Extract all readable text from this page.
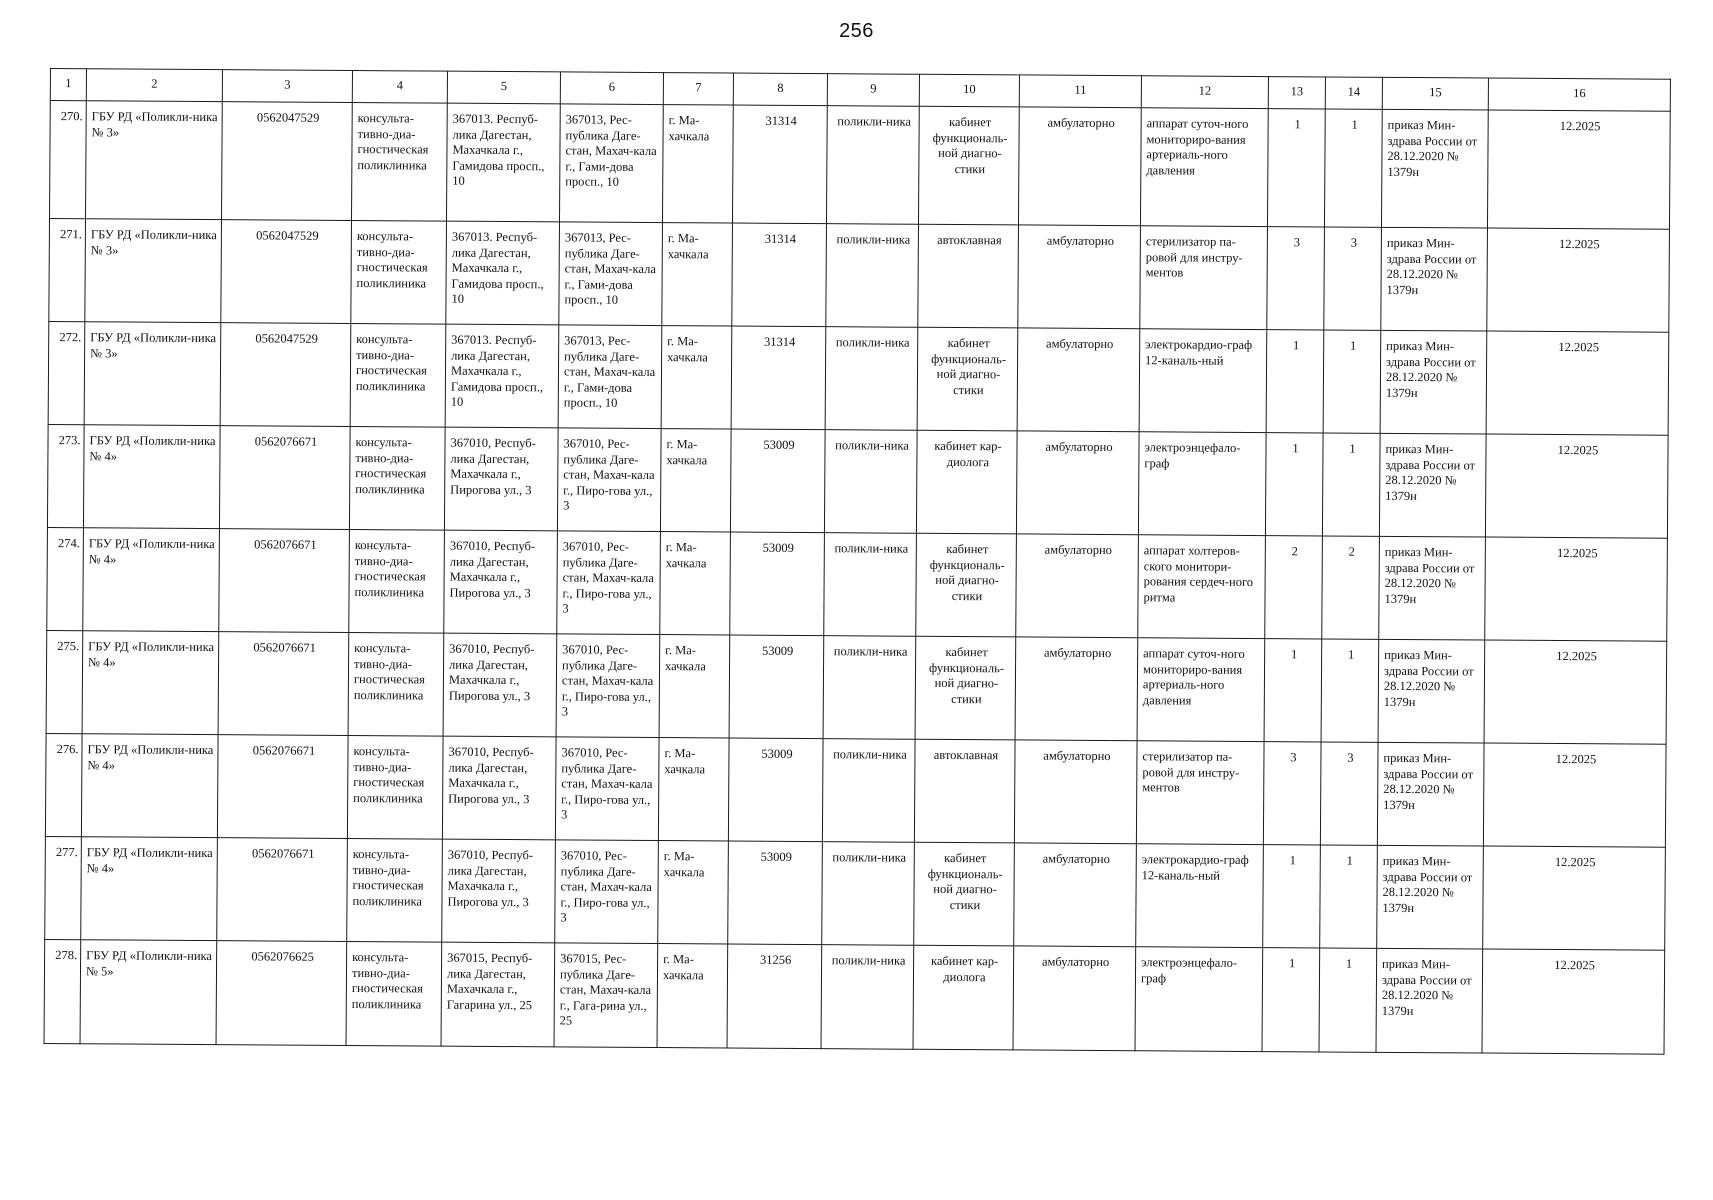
256
1	2	3	4	5	6	7	8	9	10	11	12	13	14	15	16
270.	ГБУ РД «Поликли-ника № 3»	0562047529	консульта-тивно-диа-гностическая поликлиника	367013. Респуб-лика Дагестан, Махачкала г., Гамидова просп., 10	367013, Рес-публика Даге-стан, Махач-кала г., Гами-дова просп., 10	г. Ма-хачкала	31314	поликли-ника	кабинет функциональ-ной диагно-стики	амбулаторно	аппарат суточ-ного мониториро-вания артериаль-ного давления	1	1	приказ Мин-здрава России от 28.12.2020 № 1379н	12.2025
271.	ГБУ РД «Поликли-ника № 3»	0562047529	консульта-тивно-диа-гностическая поликлиника	367013. Респуб-лика Дагестан, Махачкала г., Гамидова просп., 10	367013, Рес-публика Даге-стан, Махач-кала г., Гами-дова просп., 10	г. Ма-хачкала	31314	поликли-ника	автоклавная	амбулаторно	стерилизатор па-ровой для инстру-ментов	3	3	приказ Мин-здрава России от 28.12.2020 № 1379н	12.2025
272.	ГБУ РД «Поликли-ника № 3»	0562047529	консульта-тивно-диа-гностическая поликлиника	367013. Респуб-лика Дагестан, Махачкала г., Гамидова просп., 10	367013, Рес-публика Даге-стан, Махач-кала г., Гами-дова просп., 10	г. Ма-хачкала	31314	поликли-ника	кабинет функциональ-ной диагно-стики	амбулаторно	электрокардио-граф 12-каналь-ный	1	1	приказ Мин-здрава России от 28.12.2020 № 1379н	12.2025
273.	ГБУ РД «Поликли-ника № 4»	0562076671	консульта-тивно-диа-гностическая поликлиника	367010, Респуб-лика Дагестан, Махачкала г., Пирогова ул., 3	367010, Рес-публика Даге-стан, Махач-кала г., Пиро-гова ул., 3	г. Ма-хачкала	53009	поликли-ника	кабинет кар-диолога	амбулаторно	электроэнцефало-граф	1	1	приказ Мин-здрава России от 28.12.2020 № 1379н	12.2025
274.	ГБУ РД «Поликли-ника № 4»	0562076671	консульта-тивно-диа-гностическая поликлиника	367010, Респуб-лика Дагестан, Махачкала г., Пирогова ул., 3	367010, Рес-публика Даге-стан, Махач-кала г., Пиро-гова ул., 3	г. Ма-хачкала	53009	поликли-ника	кабинет функциональ-ной диагно-стики	амбулаторно	аппарат холтеров-ского монитори-рования сердеч-ного ритма	2	2	приказ Мин-здрава России от 28.12.2020 № 1379н	12.2025
275.	ГБУ РД «Поликли-ника № 4»	0562076671	консульта-тивно-диа-гностическая поликлиника	367010, Респуб-лика Дагестан, Махачкала г., Пирогова ул., 3	367010, Рес-публика Даге-стан, Махач-кала г., Пиро-гова ул., 3	г. Ма-хачкала	53009	поликли-ника	кабинет функциональ-ной диагно-стики	амбулаторно	аппарат суточ-ного мониториро-вания артериаль-ного давления	1	1	приказ Мин-здрава России от 28.12.2020 № 1379н	12.2025
276.	ГБУ РД «Поликли-ника № 4»	0562076671	консульта-тивно-диа-гностическая поликлиника	367010, Респуб-лика Дагестан, Махачкала г., Пирогова ул., 3	367010, Рес-публика Даге-стан, Махач-кала г., Пиро-гова ул., 3	г. Ма-хачкала	53009	поликли-ника	автоклавная	амбулаторно	стерилизатор па-ровой для инстру-ментов	3	3	приказ Мин-здрава России от 28.12.2020 № 1379н	12.2025
277.	ГБУ РД «Поликли-ника № 4»	0562076671	консульта-тивно-диа-гностическая поликлиника	367010, Респуб-лика Дагестан, Махачкала г., Пирогова ул., 3	367010, Рес-публика Даге-стан, Махач-кала г., Пиро-гова ул., 3	г. Ма-хачкала	53009	поликли-ника	кабинет функциональ-ной диагно-стики	амбулаторно	электрокардио-граф 12-каналь-ный	1	1	приказ Мин-здрава России от 28.12.2020 № 1379н	12.2025
278.	ГБУ РД «Поликли-ника № 5»	0562076625	консульта-тивно-диа-гностическая поликлиника	367015, Респуб-лика Дагестан, Махачкала г., Гагарина ул., 25	367015, Рес-публика Даге-стан, Махач-кала г., Гага-рина ул., 25	г. Ма-хачкала	31256	поликли-ника	кабинет кар-диолога	амбулаторно	электроэнцефало-граф	1	1	приказ Мин-здрава России от 28.12.2020 № 1379н	12.2025
